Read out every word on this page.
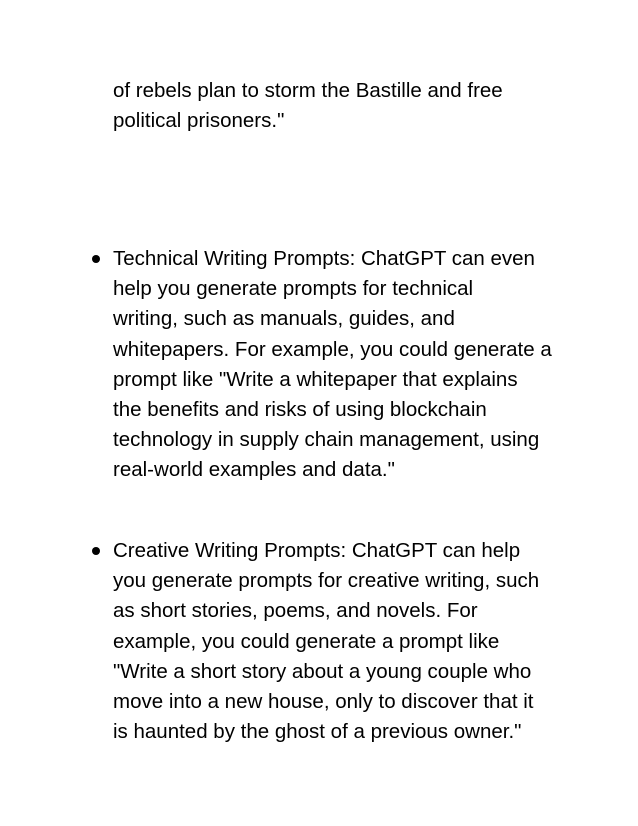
of rebels plan to storm the Bastille and free
political prisoners."

Technical Writing Prompts: ChatGPT can even
help you generate prompts for technical
writing, such as manuals, guides, and
whitepapers. For example, you could generate a
prompt like "Write a whitepaper that explains
the benefits and risks of using blockchain
technology in supply chain management, using
real-world examples and data."

Creative Writing Prompts: ChatGPT can help
you generate prompts for creative writing, such
as short stories, poems, and novels. For
example, you could generate a prompt like
"Write a short story about a young couple who
move into a new house, only to discover that it
is haunted by the ghost of a previous owner."
